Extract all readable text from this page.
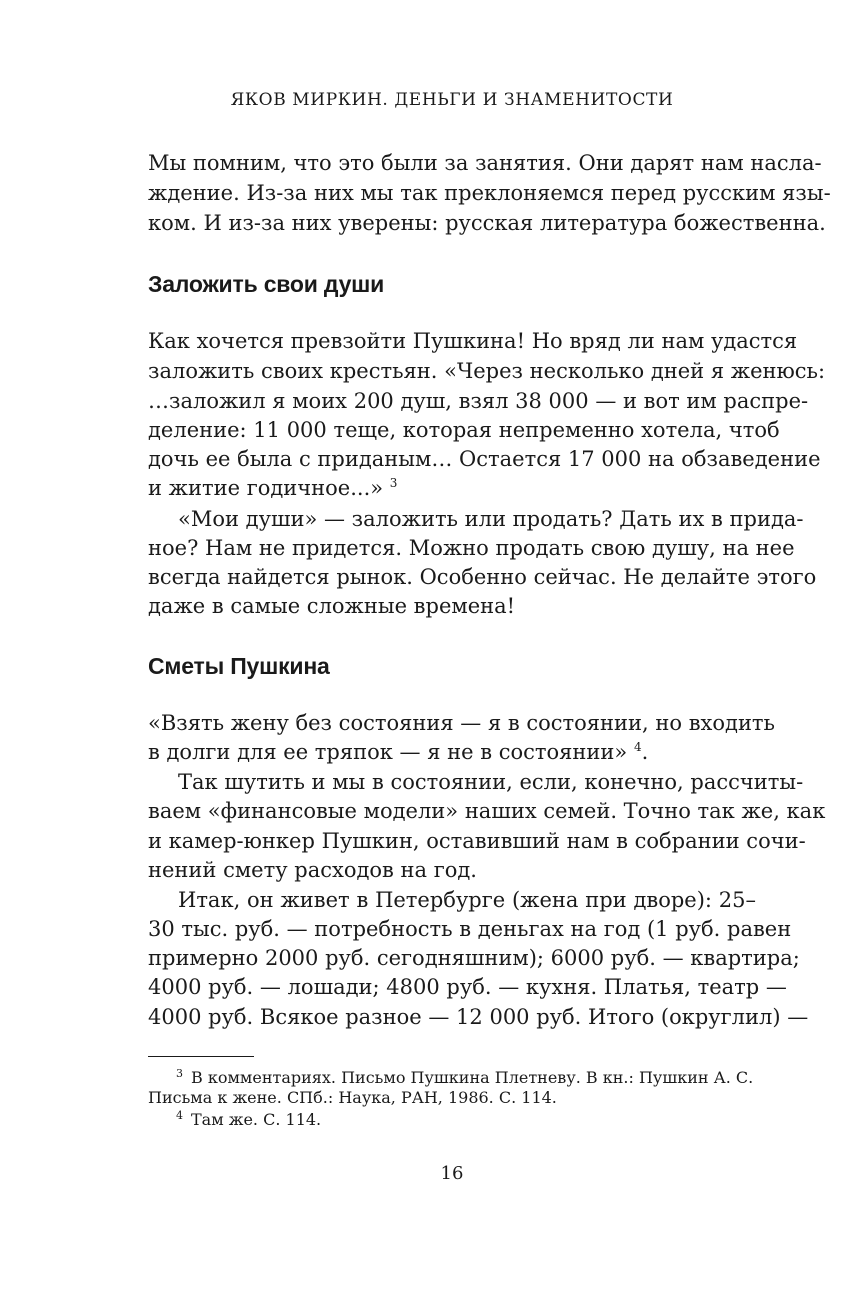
ЯКОВ МИРКИН. ДЕНЬГИ И ЗНАМЕНИТОСТИ
Мы помним, что это были за занятия. Они дарят нам насла-
ждение. Из-за них мы так преклоняемся перед русским язы-
ком. И из-за них уверены: русская литература божественна.
Заложить свои души
Как хочется превзойти Пушкина! Но вряд ли нам удастся
заложить своих крестьян. «Через несколько дней я женюсь:
…заложил я моих 200 душ, взял 38 000 — и вот им распре-
деление: 11 000 теще, которая непременно хотела, чтоб
дочь ее была с приданым… Остается 17 000 на обзаведение
и житие годичное...» $^3$
«Мои души» — заложить или продать? Дать их в прида-
ное? Нам не придется. Можно продать свою душу, на нее
всегда найдется рынок. Особенно сейчас. Не делайте этого
даже в самые сложные времена!
Сметы Пушкина
«Взять жену без состояния — я в состоянии, но входить
в долги для ее тряпок — я не в состоянии» $^4$.
Так шутить и мы в состоянии, если, конечно, рассчиты-
ваем «финансовые модели» наших семей. Точно так же, как
и камер-юнкер Пушкин, оставивший нам в собрании сочи-
нений смету расходов на год.
Итак, он живет в Петербурге (жена при дворе): 25–
30 тыс. руб. — потребность в деньгах на год (1 руб. равен
примерно 2000 руб. сегодняшним); 6000 руб. — квартира;
4000 руб. — лошади; 4800 руб. — кухня. Платья, театр —
4000 руб. Всякое разное — 12 000 руб. Итого (округлил) —
$^3$ В комментариях. Письмо Пушкина Плетневу. В кн.: Пушкин А. С.
Письма к жене. СПб.: Наука, РАН, 1986. С. 114.
$^4$ Там же. С. 114.
16
